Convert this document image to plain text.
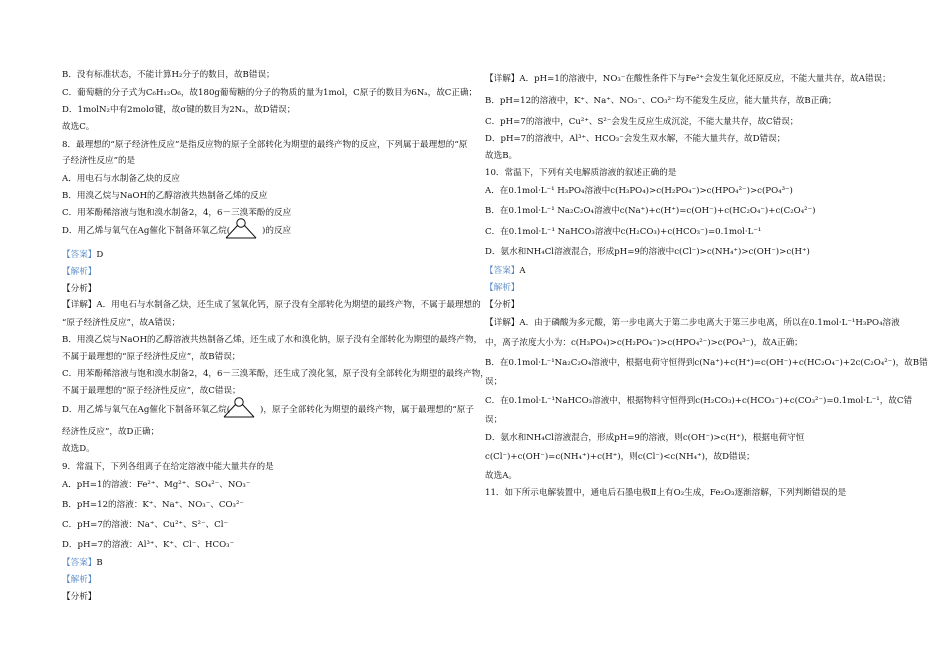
B．没有标准状态，不能计算H₂分子的数目，故B错误；
C．葡萄糖的分子式为C₆H₁₂O₆，故180g葡萄糖的分子的物质的量为1mol，C原子的数目为6Nₐ，故C正确；
D．1molN₂中有2molσ键，故σ键的数目为2Nₐ，故D错误；
故选C。
8．最理想的“原子经济性反应”是指反应物的原子全部转化为期望的最终产物的反应，下列属于最理想的“原
子经济性反应”的是
A．用电石与水制备乙炔的反应
B．用溴乙烷与NaOH的乙醇溶液共热制备乙烯的反应
C．用苯酚稀溶液与饱和溴水制备2，4，6－三溴苯酚的反应
D．用乙烯与氧气在Ag催化下制备环氧乙烷(	)的反应
【答案】D
【解析】
【分析】
【详解】A．用电石与水制备乙炔，还生成了氢氧化钙，原子没有全部转化为期望的最终产物，不属于最理想的
“原子经济性反应”，故A错误；
B．用溴乙烷与NaOH的乙醇溶液共热制备乙烯，还生成了水和溴化钠，原子没有全部转化为期望的最终产物，
不属于最理想的“原子经济性反应”，故B错误；
C．用苯酚稀溶液与饱和溴水制备2，4，6－三溴苯酚，还生成了溴化氢，原子没有全部转化为期望的最终产物，
不属于最理想的“原子经济性反应”，故C错误；
D．用乙烯与氧气在Ag催化下制备环氧乙烷(	)，原子全部转化为期望的最终产物，属于最理想的“原子
经济性反应”，故D正确；
故选D。
9．常温下，下列各组离子在给定溶液中能大量共存的是
A．pH=1的溶液：Fe²⁺、Mg²⁺、SO₄²⁻、NO₃⁻
B．pH=12的溶液：K⁺、Na⁺、NO₃⁻、CO₃²⁻
C．pH=7的溶液：Na⁺、Cu²⁺、S²⁻、Cl⁻
D．pH=7的溶液：Al³⁺、K⁺、Cl⁻、HCO₃⁻
【答案】B
【解析】
【分析】
【详解】A．pH=1的溶液中，NO₃⁻在酸性条件下与Fe²⁺会发生氧化还原反应，不能大量共存，故A错误；
B．pH=12的溶液中，K⁺、Na⁺、NO₃⁻、CO₃²⁻均不能发生反应，能大量共存，故B正确；
C．pH=7的溶液中，Cu²⁺、S²⁻会发生反应生成沉淀，不能大量共存，故C错误；
D．pH=7的溶液中，Al³⁺、HCO₃⁻会发生双水解，不能大量共存，故D错误；
故选B。
10．常温下，下列有关电解质溶液的叙述正确的是
A．在0.1mol·L⁻¹ H₃PO₄溶液中c(H₃PO₄)>c(H₂PO₄⁻)>c(HPO₄²⁻)>c(PO₄³⁻)
B．在0.1mol·L⁻¹ Na₂C₂O₄溶液中c(Na⁺)+c(H⁺)=c(OH⁻)+c(HC₂O₄⁻)+c(C₂O₄²⁻)
C．在0.1mol·L⁻¹ NaHCO₃溶液中c(H₂CO₃)+c(HCO₃⁻)=0.1mol·L⁻¹
D．氨水和NH₄Cl溶液混合，形成pH=9的溶液中c(Cl⁻)>c(NH₄⁺)>c(OH⁻)>c(H⁺)
【答案】A
【解析】
【分析】
【详解】A．由于磷酸为多元酸，第一步电离大于第二步电离大于第三步电离，所以在0.1mol·L⁻¹H₃PO₄溶液
中，离子浓度大小为：c(H₃PO₄)>c(H₂PO₄⁻)>c(HPO₄²⁻)>c(PO₄³⁻)，故A正确；
B．在0.1mol·L⁻¹Na₂C₂O₄溶液中，根据电荷守恒得到c(Na⁺)+c(H⁺)=c(OH⁻)+c(HC₂O₄⁻)+2c(C₂O₄²⁻)，故B错
误；
C．在0.1mol·L⁻¹NaHCO₃溶液中，根据物料守恒得到c(H₂CO₃)+c(HCO₃⁻)+c(CO₃²⁻)=0.1mol·L⁻¹，故C错
误；
D．氨水和NH₄Cl溶液混合，形成pH=9的溶液，则c(OH⁻)>c(H⁺)，根据电荷守恒
c(Cl⁻)+c(OH⁻)=c(NH₄⁺)+c(H⁺)，则c(Cl⁻)<c(NH₄⁺)，故D错误；
故选A。
11．如下所示电解装置中，通电后石墨电极Ⅱ上有O₂生成，Fe₂O₃逐渐溶解，下列判断错误的是
